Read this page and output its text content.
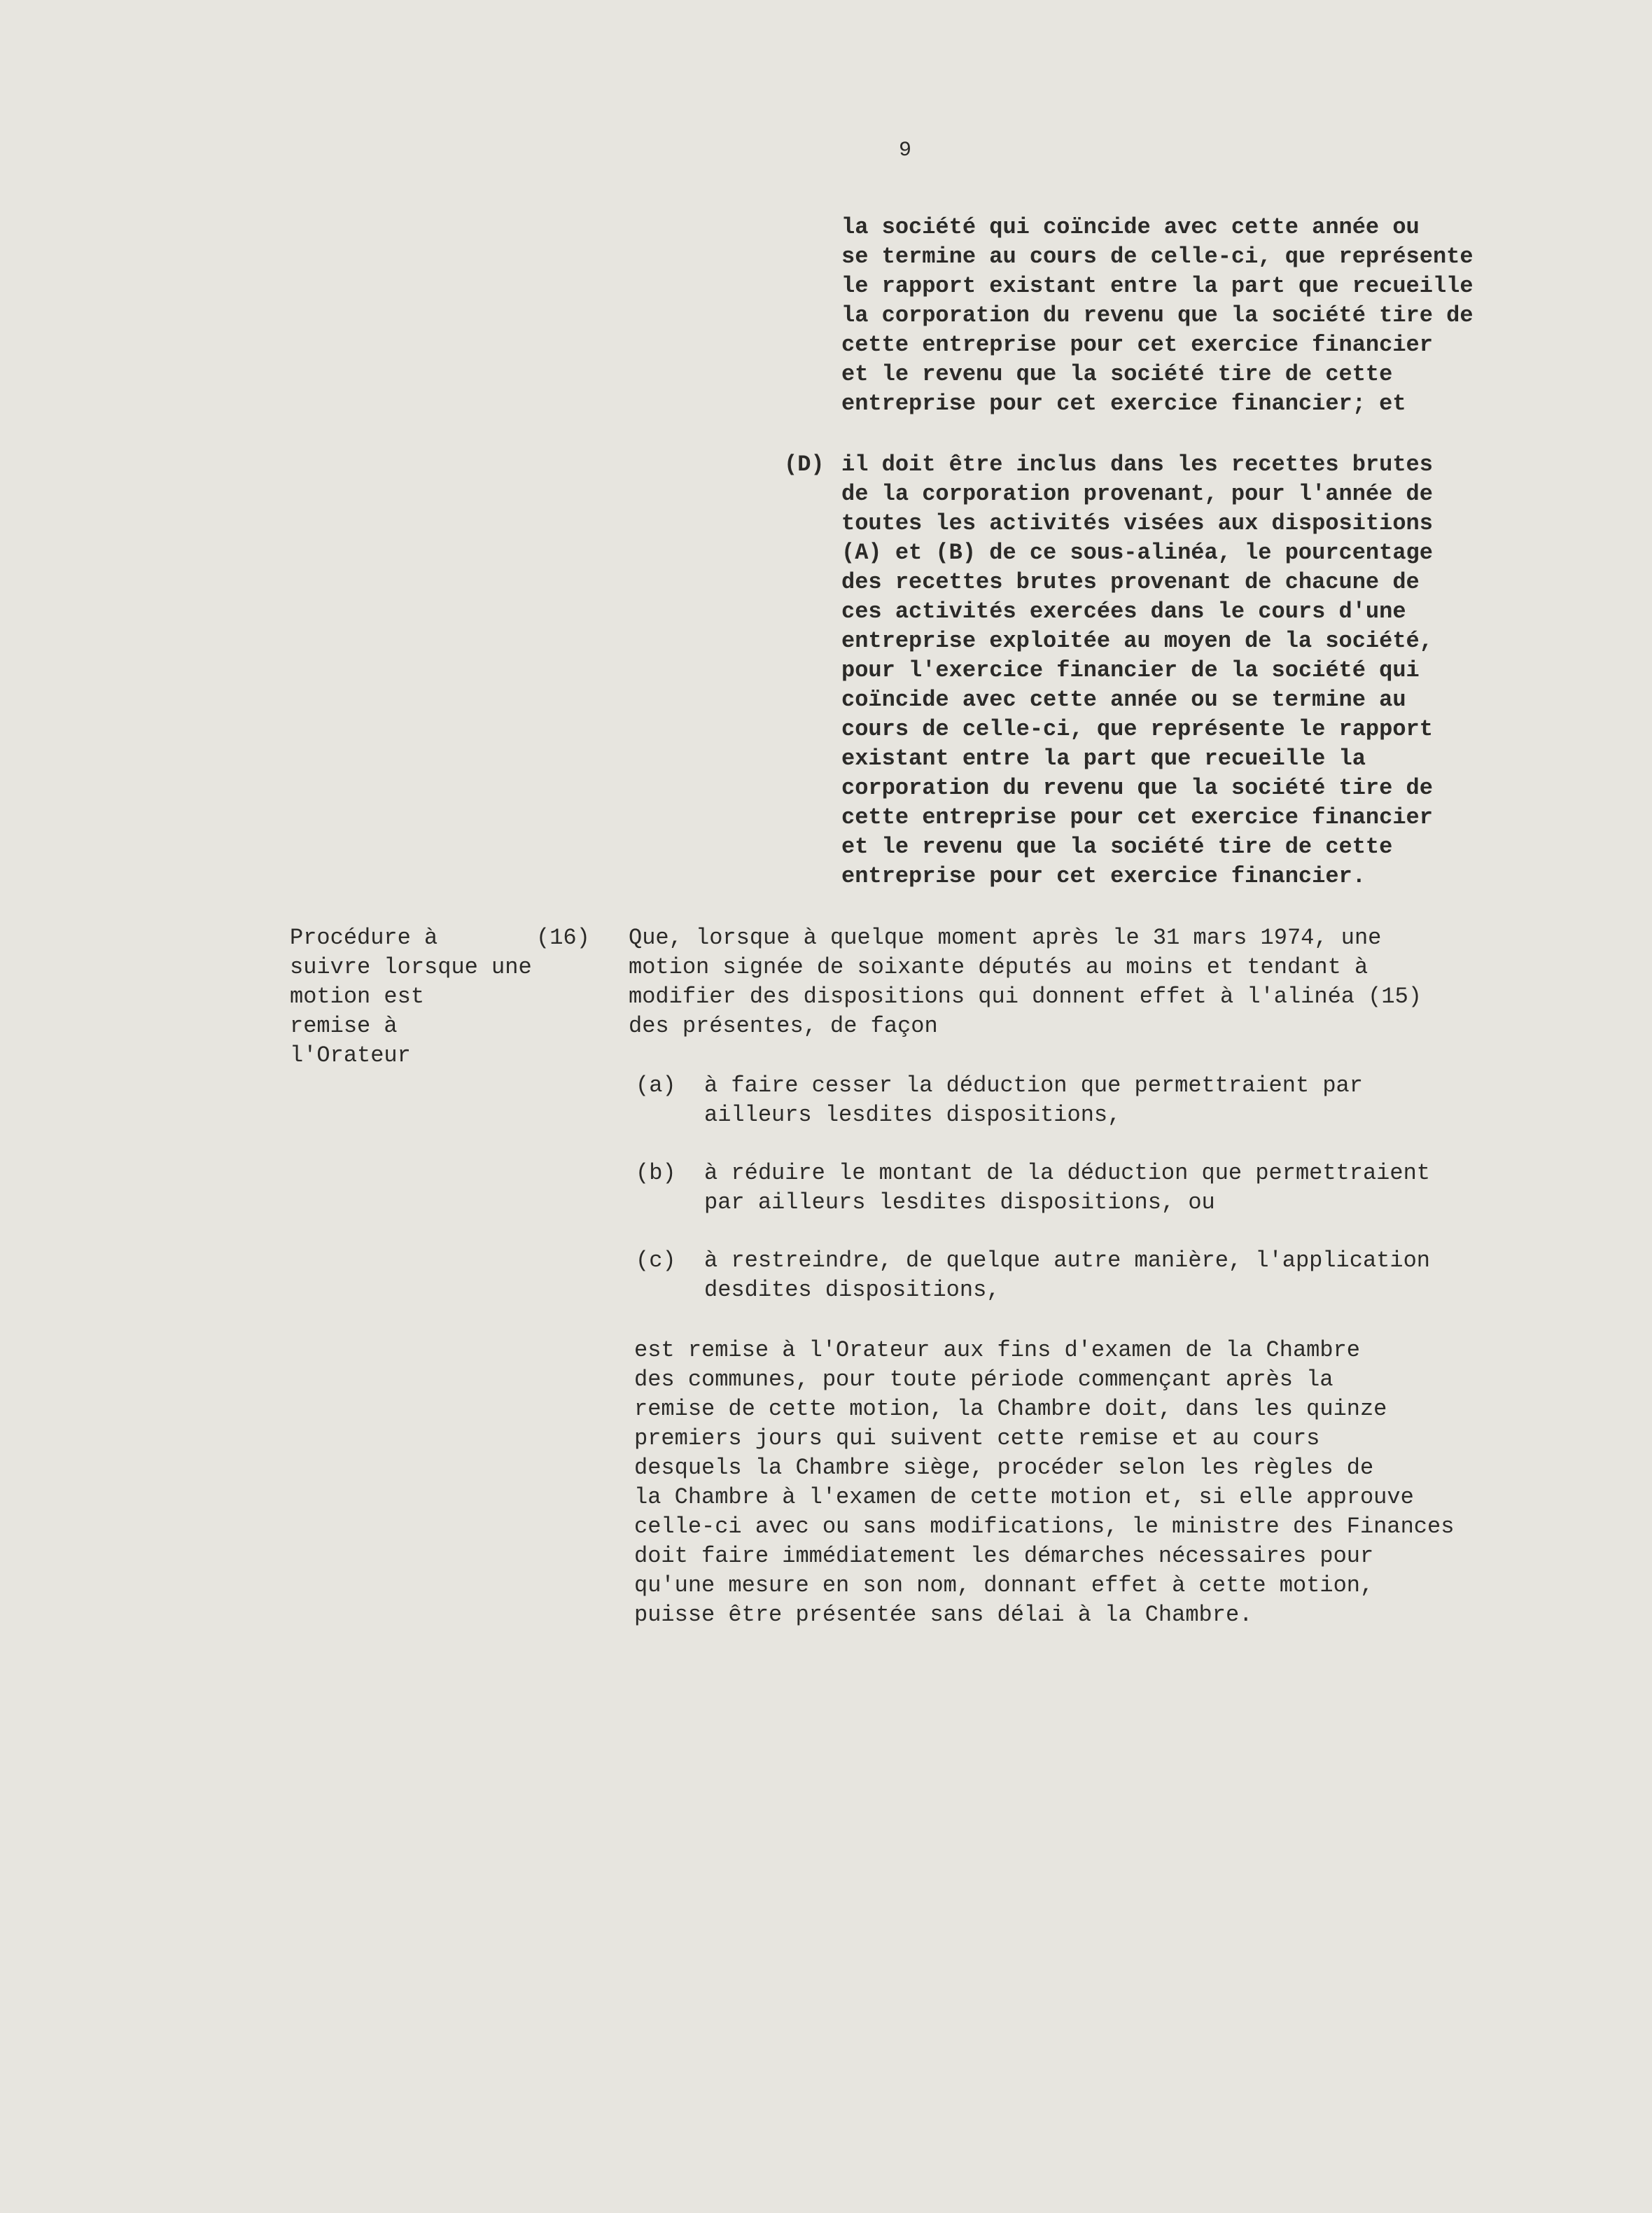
9
la société qui coïncide avec cette année ou
se termine au cours de celle-ci, que représente
le rapport existant entre la part que recueille
la corporation du revenu que la société tire de
cette entreprise pour cet exercice financier
et le revenu que la société tire de cette
entreprise pour cet exercice financier; et
(D) il doit être inclus dans les recettes brutes
de la corporation provenant, pour l'année de
toutes les activités visées aux dispositions
(A) et (B) de ce sous-alinéa, le pourcentage
des recettes brutes provenant de chacune de
ces activités exercées dans le cours d'une
entreprise exploitée au moyen de la société,
pour l'exercice financier de la société qui
coïncide avec cette année ou se termine au
cours de celle-ci, que représente le rapport
existant entre la part que recueille la
corporation du revenu que la société tire de
cette entreprise pour cet exercice financier
et le revenu que la société tire de cette
entreprise pour cet exercice financier.
Procédure à
suivre lorsque une
motion est
remise à
l'Orateur
(16) Que, lorsque à quelque moment après le 31 mars 1974, une
motion signée de soixante députés au moins et tendant à
modifier des dispositions qui donnent effet à l'alinéa (15)
des présentes, de façon
(a) à faire cesser la déduction que permettraient par
ailleurs lesdites dispositions,
(b) à réduire le montant de la déduction que permettraient
par ailleurs lesdites dispositions, ou
(c) à restreindre, de quelque autre manière, l'application
desdites dispositions,
est remise à l'Orateur aux fins d'examen de la Chambre
des communes, pour toute période commençant après la
remise de cette motion, la Chambre doit, dans les quinze
premiers jours qui suivent cette remise et au cours
desquels la Chambre siège, procéder selon les règles de
la Chambre à l'examen de cette motion et, si elle approuve
celle-ci avec ou sans modifications, le ministre des Finances
doit faire immédiatement les démarches nécessaires pour
qu'une mesure en son nom, donnant effet à cette motion,
puisse être présentée sans délai à la Chambre.
